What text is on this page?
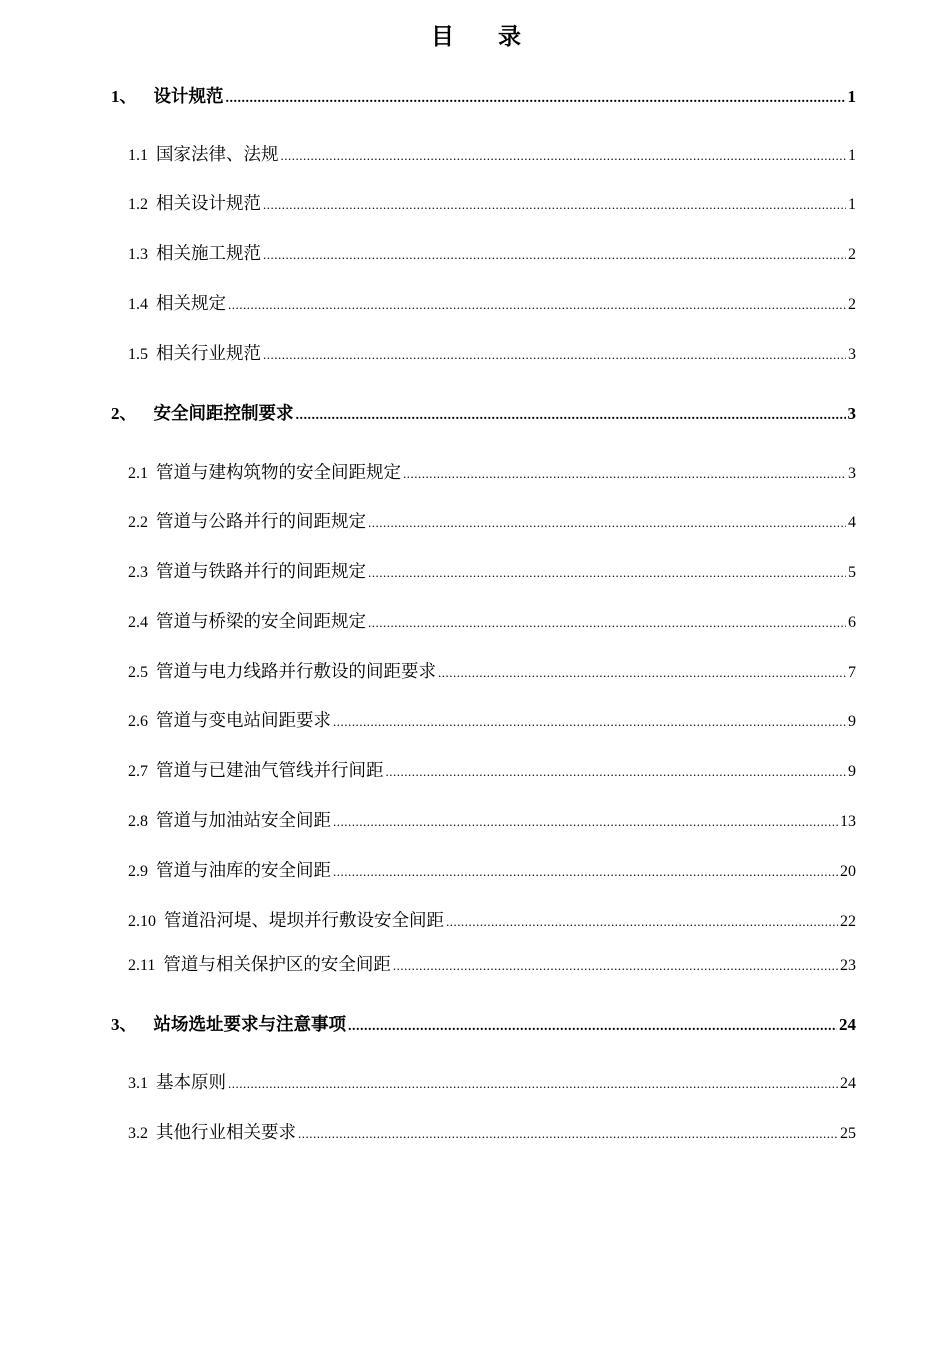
目 录
1、 设计规范 .....	1
1.1 国家法律、法规 .....	1
1.2 相关设计规范 .....	1
1.3 相关施工规范 .....	2
1.4 相关规定 .....	2
1.5 相关行业规范 .....	3
2、 安全间距控制要求 .....	3
2.1 管道与建构筑物的安全间距规定 .....	3
2.2 管道与公路并行的间距规定 .....	4
2.3 管道与铁路并行的间距规定 .....	5
2.4 管道与桥梁的安全间距规定 .....	6
2.5 管道与电力线路并行敷设的间距要求 .....	7
2.6 管道与变电站间距要求 .....	9
2.7 管道与已建油气管线并行间距 .....	9
2.8 管道与加油站安全间距 .....	13
2.9 管道与油库的安全间距 .....	20
2.10 管道沿河堤、堤坝并行敷设安全间距 .....	22
2.11 管道与相关保护区的安全间距 .....	23
3、 站场选址要求与注意事项 .....	24
3.1 基本原则 .....	24
3.2 其他行业相关要求 .....	25
